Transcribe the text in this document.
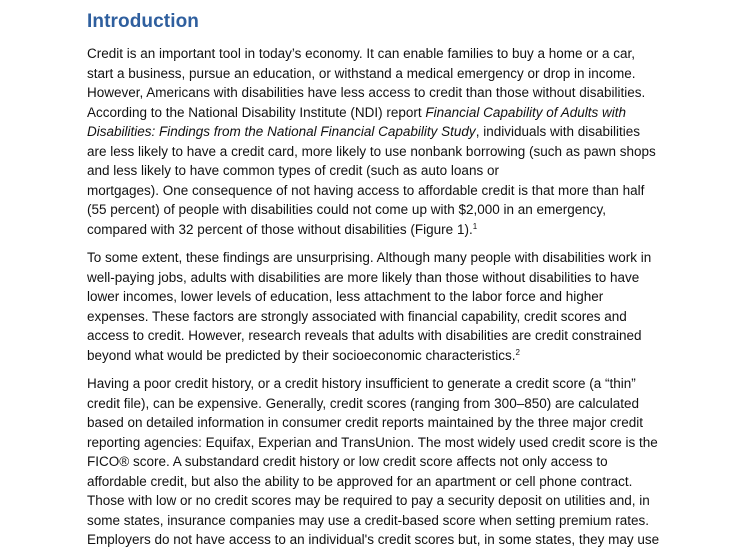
Introduction

Credit is an important tool in today’s economy. It can enable families to buy a home or a car,
start a business, pursue an education, or withstand a medical emergency or drop in income.
However, Americans with disabilities have less access to credit than those without disabilities.
According to the National Disability Institute (NDI) report Financial Capability of Adults with
Disabilities: Findings from the National Financial Capability Study, individuals with disabilities
are less likely to have a credit card, more likely to use nonbank borrowing (such as pawn shops
and less likely to have common types of credit (such as auto loans or
mortgages). One consequence of not having access to affordable credit is that more than half
(55 percent) of people with disabilities could not come up with $2,000 in an emergency,
compared with 32 percent of those without disabilities (Figure 1).$^1$

To some extent, these findings are unsurprising. Although many people with disabilities work in
well-paying jobs, adults with disabilities are more likely than those without disabilities to have
lower incomes, lower levels of education, less attachment to the labor force and higher
expenses. These factors are strongly associated with financial capability, credit scores and
access to credit. However, research reveals that adults with disabilities are credit constrained
beyond what would be predicted by their socioeconomic characteristics.$^2$

Having a poor credit history, or a credit history insufficient to generate a credit score (a “thin”
credit file), can be expensive. Generally, credit scores (ranging from 300–850) are calculated
based on detailed information in consumer credit reports maintained by the three major credit
reporting agencies: Equifax, Experian and TransUnion. The most widely used credit score is the
FICO® score. A substandard credit history or low credit score affects not only access to
affordable credit, but also the ability to be approved for an apartment or cell phone contract.
Those with low or no credit scores may be required to pay a security deposit on utilities and, in
some states, insurance companies may use a credit-based score when setting premium rates.
Employers do not have access to an individual's credit scores but, in some states, they may use
